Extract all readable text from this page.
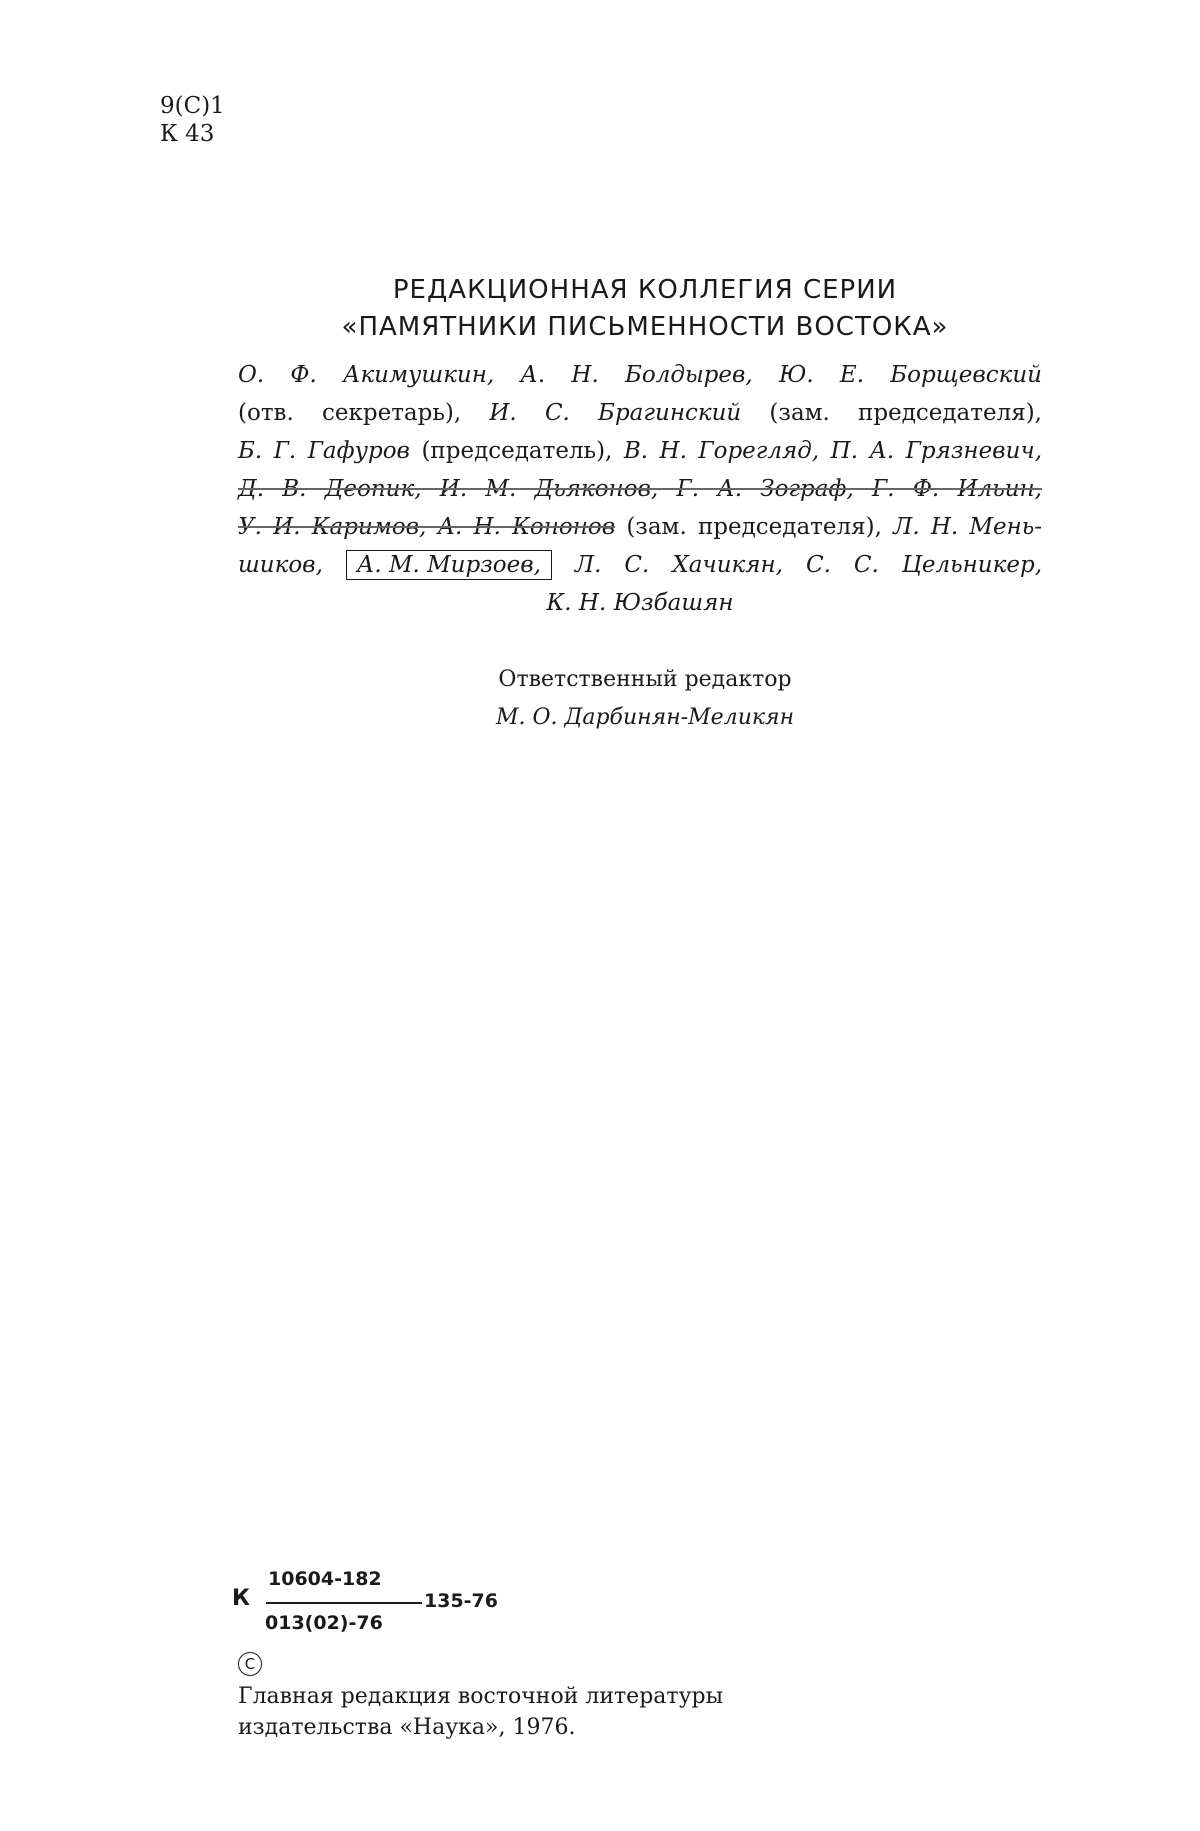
9(С)1
К 43
РЕДАКЦИОННАЯ КОЛЛЕГИЯ СЕРИИ
«ПАМЯТНИКИ ПИСЬМЕННОСТИ ВОСТОКА»

О. Ф. Акимушкин, А. Н. Болдырев, Ю. Е. Борщевский

(отв. секретарь), И. С. Брагинский (зам. председателя),

Б. Г. Гафуров (председатель), В. Н. Горегляд, П. А. Грязневич,

Д. В. Деопик, И. М. Дьяконов, Г. А. Зограф, Г. Ф. Ильин,

У. И. Каримов, А. Н. Кононов (зам. председателя), Л. Н. Мень-

шиков, А. М. Мирзоев, Л. С. Хачикян, С. С. Цельникер,

К. Н. Юзбашян

Ответственный редактор
М. О. Дарбинян-Меликян
К
10604-182
013(02)-76
135-76
С
Главная редакция восточной литературы
издательства «Наука», 1976.
